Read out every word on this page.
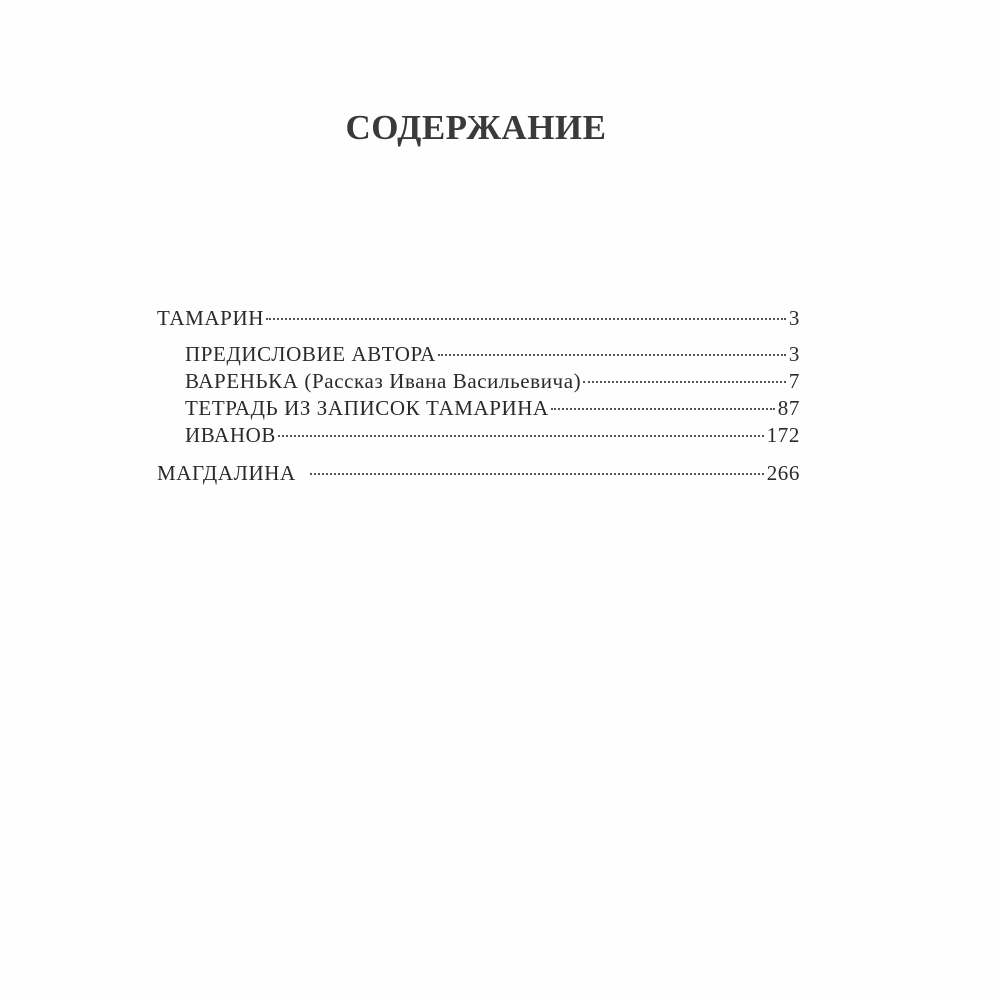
СОДЕРЖАНИЕ
ТАМАРИН	3
ПРЕДИСЛОВИЕ АВТОРА	3
ВАРЕНЬКА (Рассказ Ивана Васильевича)	7
ТЕТРАДЬ ИЗ ЗАПИСОК ТАМАРИНА	87
ИВАНОВ	172
МАГДАЛИНА	266
